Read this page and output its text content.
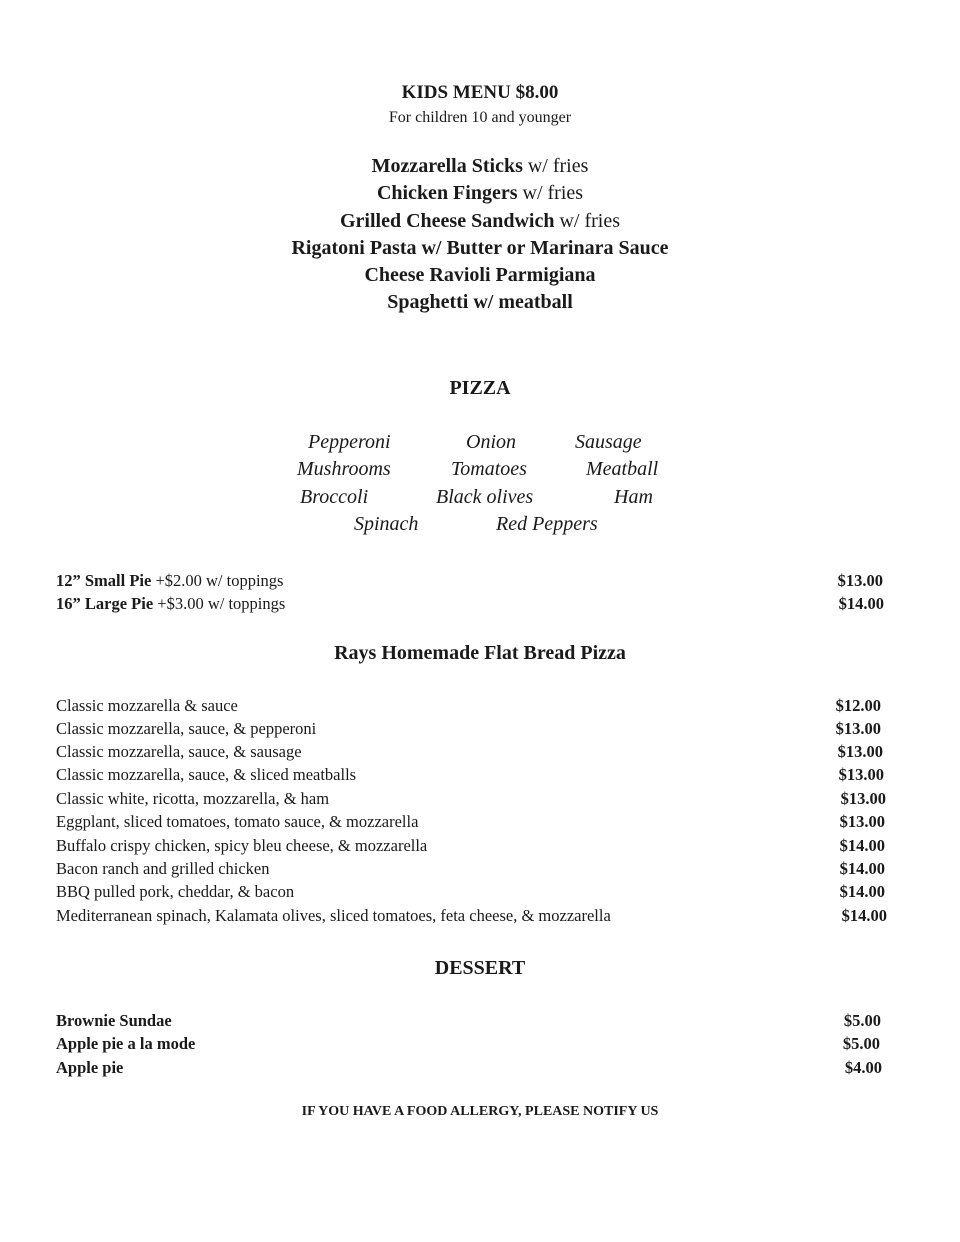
KIDS MENU $8.00
For children 10 and younger
Mozzarella Sticks w/ fries
Chicken Fingers w/ fries
Grilled Cheese Sandwich w/ fries
Rigatoni Pasta w/ Butter or Marinara Sauce
Cheese Ravioli Parmigiana
Spaghetti w/ meatball
PIZZA
Pepperoni	Onion	Sausage
Mushrooms	Tomatoes	Meatball
Broccoli	Black olives	Ham
Spinach	Red Peppers
12” Small Pie +$2.00 w/ toppings	$13.00
16” Large Pie +$3.00 w/ toppings	$14.00
Rays Homemade Flat Bread Pizza
Classic mozzarella & sauce	$12.00
Classic mozzarella, sauce, & pepperoni	$13.00
Classic mozzarella, sauce, & sausage	$13.00
Classic mozzarella, sauce, & sliced meatballs	$13.00
Classic white, ricotta, mozzarella, & ham	$13.00
Eggplant, sliced tomatoes, tomato sauce, & mozzarella	$13.00
Buffalo crispy chicken, spicy bleu cheese, & mozzarella	$14.00
Bacon ranch and grilled chicken	$14.00
BBQ pulled pork, cheddar, & bacon	$14.00
Mediterranean spinach, Kalamata olives, sliced tomatoes, feta cheese, & mozzarella	$14.00
DESSERT
Brownie Sundae	$5.00
Apple pie a la mode	$5.00
Apple pie	$4.00
IF YOU HAVE A FOOD ALLERGY, PLEASE NOTIFY US
